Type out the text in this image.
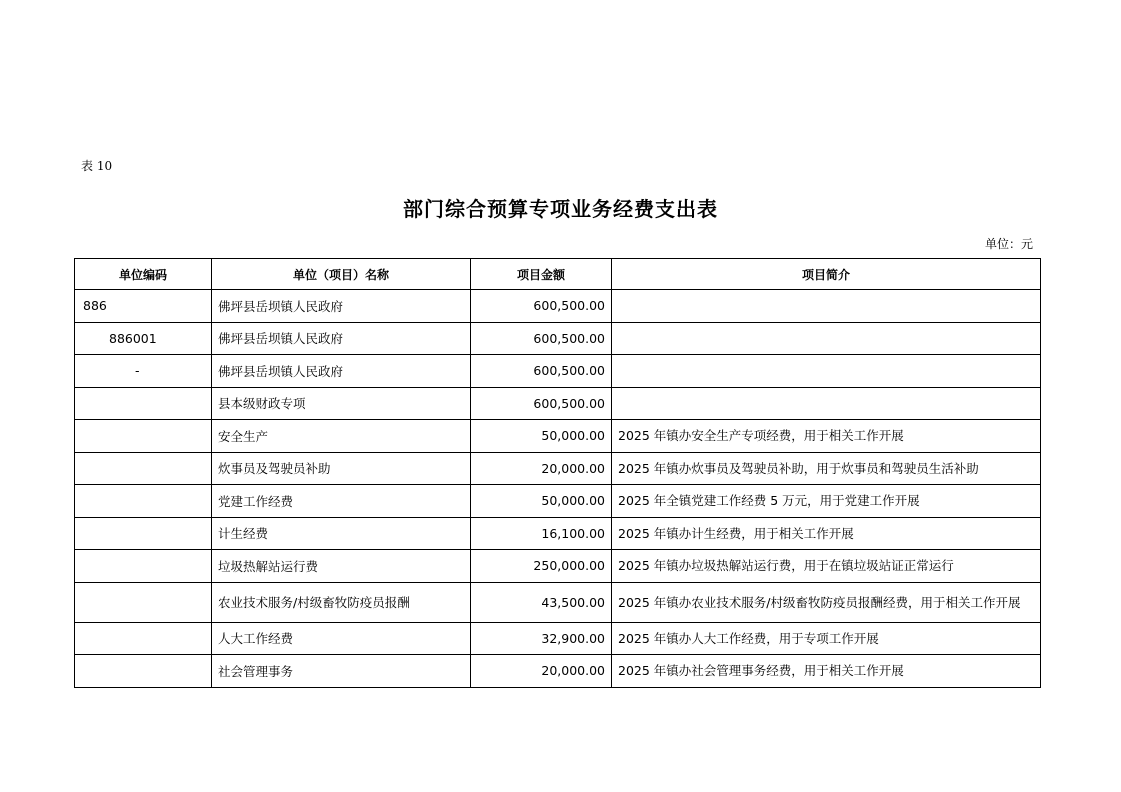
表 10
部门综合预算专项业务经费支出表
单位：元
单位编码	单位（项目）名称	项目金额	项目简介
886	佛坪县岳坝镇人民政府	600,500.00	
886001	佛坪县岳坝镇人民政府	600,500.00	
-	佛坪县岳坝镇人民政府	600,500.00	
	县本级财政专项	600,500.00	
	安全生产	50,000.00	2025 年镇办安全生产专项经费，用于相关工作开展
	炊事员及驾驶员补助	20,000.00	2025 年镇办炊事员及驾驶员补助，用于炊事员和驾驶员生活补助
	党建工作经费	50,000.00	2025 年全镇党建工作经费 5 万元，用于党建工作开展
	计生经费	16,100.00	2025 年镇办计生经费，用于相关工作开展
	垃圾热解站运行费	250,000.00	2025 年镇办垃圾热解站运行费，用于在镇垃圾站证正常运行
	农业技术服务/村级畜牧防疫员报酬	43,500.00	2025 年镇办农业技术服务/村级畜牧防疫员报酬经费，用于相关工作开展
	人大工作经费	32,900.00	2025 年镇办人大工作经费，用于专项工作开展
	社会管理事务	20,000.00	2025 年镇办社会管理事务经费，用于相关工作开展
